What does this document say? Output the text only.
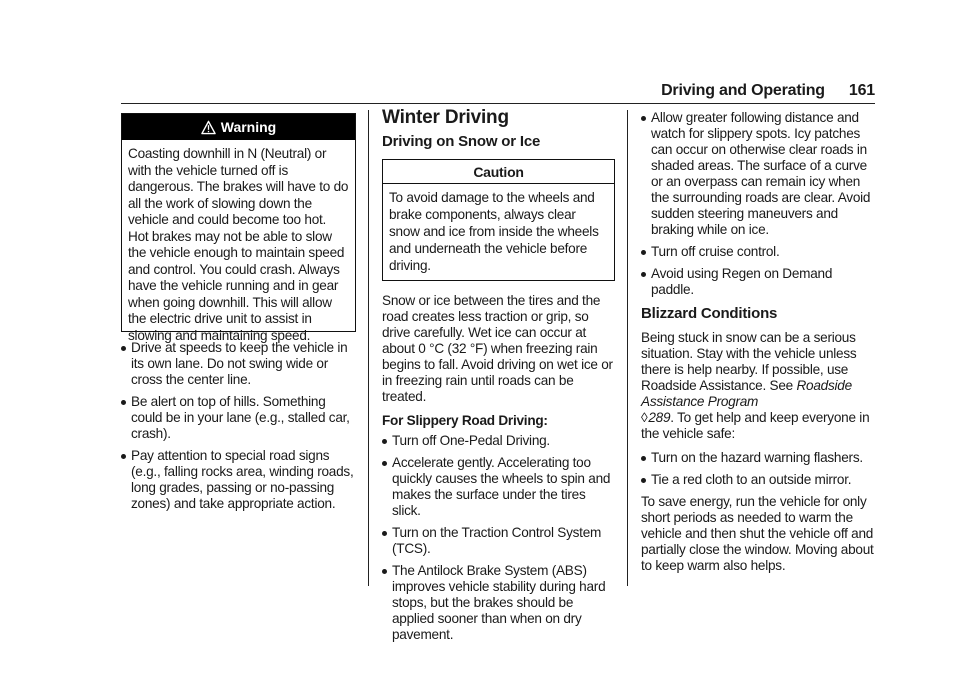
Driving and Operating 161
Warning
Coasting downhill in N (Neutral) or with the vehicle turned off is dangerous. The brakes will have to do all the work of slowing down the vehicle and could become too hot. Hot brakes may not be able to slow the vehicle enough to maintain speed and control. You could crash. Always have the vehicle running and in gear when going downhill. This will allow the electric drive unit to assist in slowing and maintaining speed.
Drive at speeds to keep the vehicle in its own lane. Do not swing wide or cross the center line.
Be alert on top of hills. Something could be in your lane (e.g., stalled car, crash).
Pay attention to special road signs (e.g., falling rocks area, winding roads, long grades, passing or no-passing zones) and take appropriate action.
Winter Driving
Driving on Snow or Ice
Caution
To avoid damage to the wheels and brake components, always clear snow and ice from inside the wheels and underneath the vehicle before driving.

Snow or ice between the tires and the road creates less traction or grip, so drive carefully. Wet ice can occur at about 0 °C (32 °F) when freezing rain begins to fall. Avoid driving on wet ice or in freezing rain until roads can be treated.

For Slippery Road Driving:

Turn off One-Pedal Driving.
Accelerate gently. Accelerating too quickly causes the wheels to spin and makes the surface under the tires slick.
Turn on the Traction Control System (TCS).
The Antilock Brake System (ABS) improves vehicle stability during hard stops, but the brakes should be applied sooner than when on dry pavement.
Allow greater following distance and watch for slippery spots. Icy patches can occur on otherwise clear roads in shaded areas. The surface of a curve or an overpass can remain icy when the surrounding roads are clear. Avoid sudden steering maneuvers and braking while on ice.
Turn off cruise control.
Avoid using Regen on Demand paddle.
Blizzard Conditions

Being stuck in snow can be a serious situation. Stay with the vehicle unless there is help nearby. If possible, use Roadside Assistance. See Roadside Assistance Program
◊ 289. To get help and keep everyone in the vehicle safe:

Turn on the hazard warning flashers.
Tie a red cloth to an outside mirror.

To save energy, run the vehicle for only short periods as needed to warm the vehicle and then shut the vehicle off and partially close the window. Moving about to keep warm also helps.
